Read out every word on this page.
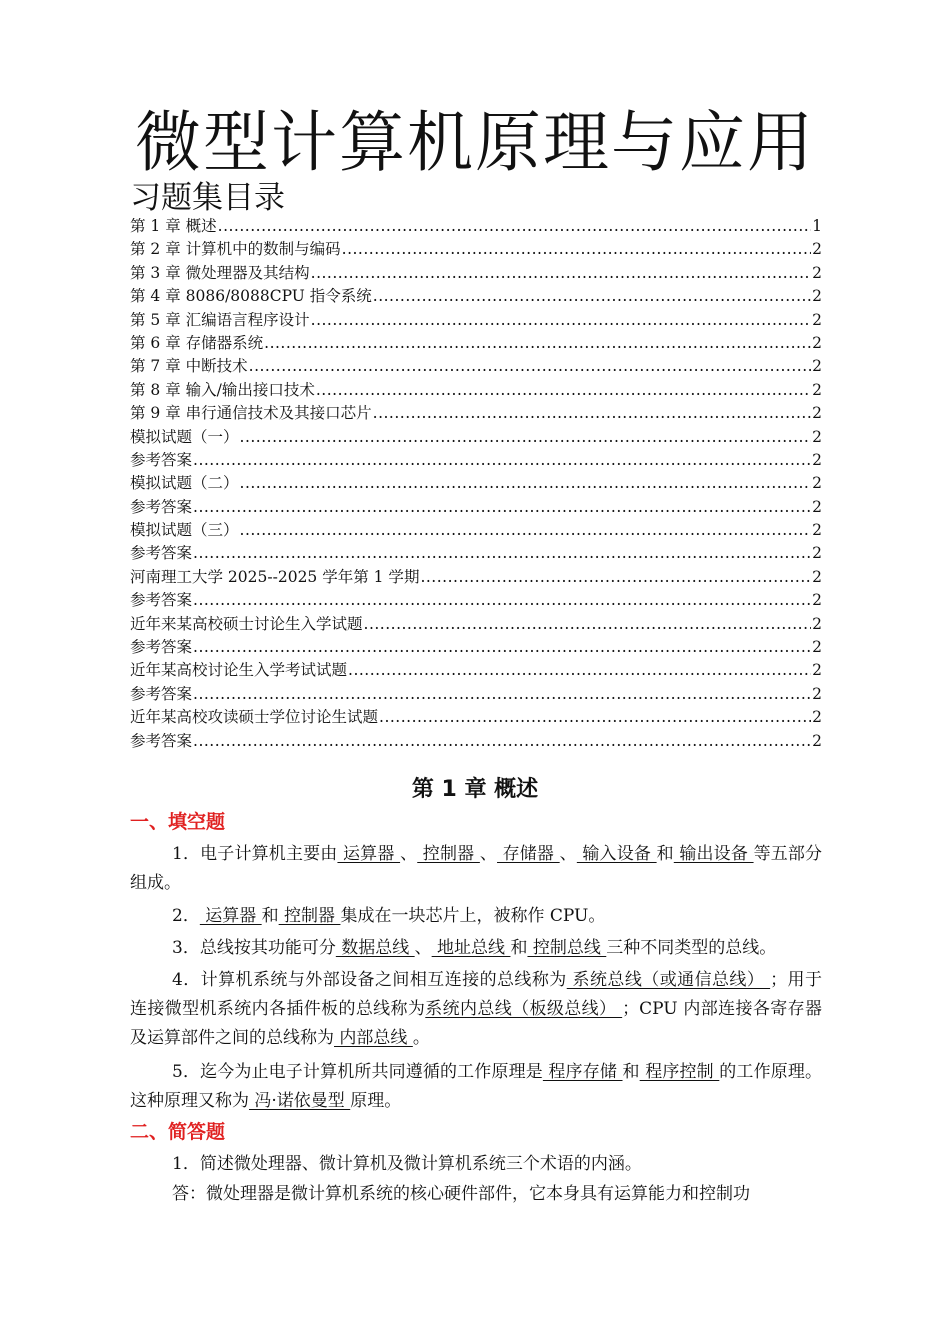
微型计算机原理与应用
习题集目录
第 1 章 概述 .....	1
第 2 章 计算机中的数制与编码 .....	2
第 3 章 微处理器及其结构 .....	2
第 4 章 8086/8088CPU 指令系统 .....	2
第 5 章 汇编语言程序设计 .....	2
第 6 章 存储器系统 .....	2
第 7 章 中断技术 .....	2
第 8 章 输入/输出接口技术 .....	2
第 9 章 串行通信技术及其接口芯片 .....	2
模拟试题（一） .....	2
参考答案 .....	2
模拟试题（二） .....	2
参考答案 .....	2
模拟试题（三） .....	2
参考答案 .....	2
河南理工大学 2025--2025 学年第 1 学期 .....	2
参考答案 .....	2
近年来某高校硕士讨论生入学试题 .....	2
参考答案 .....	2
近年某高校讨论生入学考试试题 .....	2
参考答案 .....	2
近年某高校攻读硕士学位讨论生试题 .....	2
参考答案 .....	2
第 1 章 概述
一、填空题

1．电子计算机主要由 运算器 、 控制器 、 存储器 、 输入设备 和 输出设备 等五部分组成。

2． 运算器 和 控制器 集成在一块芯片上，被称作 CPU。

3．总线按其功能可分 数据总线 、 地址总线 和 控制总线 三种不同类型的总线。

4．计算机系统与外部设备之间相互连接的总线称为 系统总线（或通信总线） ；用于连接微型机系统内各插件板的总线称为系统内总线（板级总线） ；CPU 内部连接各寄存器及运算部件之间的总线称为 内部总线 。

5．迄今为止电子计算机所共同遵循的工作原理是 程序存储 和 程序控制 的工作原理。这种原理又称为 冯·诺依曼型 原理。

二、简答题

1．简述微处理器、微计算机及微计算机系统三个术语的内涵。

答：微处理器是微计算机系统的核心硬件部件，它本身具有运算能力和控制功
